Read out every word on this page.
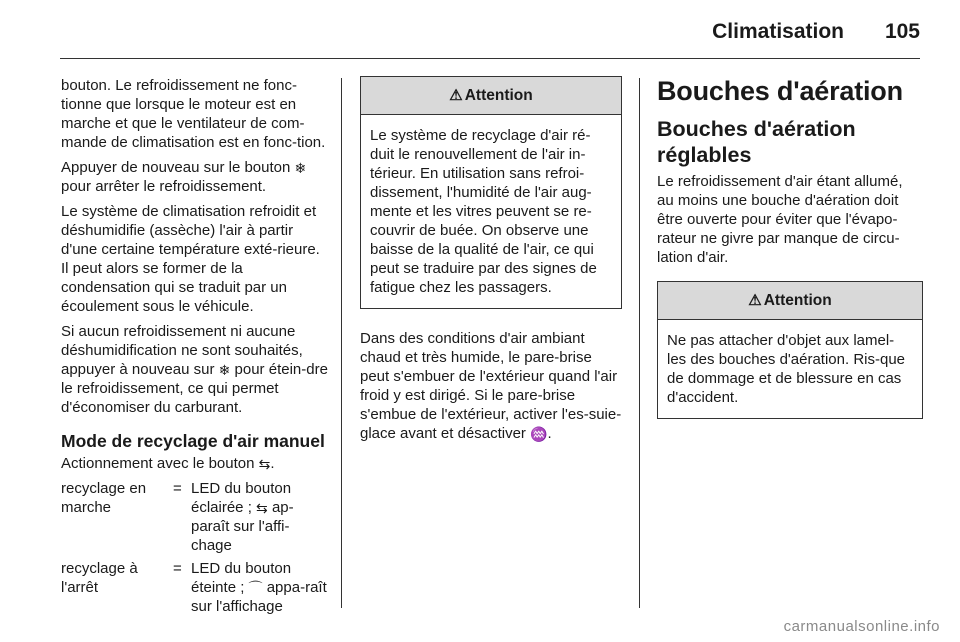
Climatisation 105

bouton. Le refroidissement ne fonc-tionne que lorsque le moteur est en marche et que le ventilateur de com-mande de climatisation est en fonc-tion.

Appuyer de nouveau sur le bouton ❄ pour arrêter le refroidissement.

Le système de climatisation refroidit et déshumidifie (assèche) l'air à partir d'une certaine température exté-rieure. Il peut alors se former de la condensation qui se traduit par un écoulement sous le véhicule.

Si aucun refroidissement ni aucune déshumidification ne sont souhaités, appuyer à nouveau sur ❄ pour étein-dre le refroidissement, ce qui permet d'économiser du carburant.

Mode de recyclage d'air manuel
Actionnement avec le bouton ⇆.
recyclage en marche
= LED du bouton éclairée ; ⇆ ap-paraît sur l'affi-chage
recyclage à l'arrêt
= LED du bouton éteinte ; ⌒ appa-raît sur l'affichage
⚠ Attention
Le système de recyclage d'air ré-duit le renouvellement de l'air in-térieur. En utilisation sans refroi-dissement, l'humidité de l'air aug-mente et les vitres peuvent se re-couvrir de buée. On observe une baisse de la qualité de l'air, ce qui peut se traduire par des signes de fatigue chez les passagers.

Dans des conditions d'air ambiant chaud et très humide, le pare-brise peut s'embuer de l'extérieur quand l'air froid y est dirigé. Si le pare-brise s'embue de l'extérieur, activer l'es-suie-glace avant et désactiver ♒.

Bouches d'aération
Bouches d'aération réglables

Le refroidissement d'air étant allumé, au moins une bouche d'aération doit être ouverte pour éviter que l'évapo-rateur ne givre par manque de circu-lation d'air.

⚠ Attention
Ne pas attacher d'objet aux lamel-les des bouches d'aération. Ris-que de dommage et de blessure en cas d'accident.
carmanualsonline.info
